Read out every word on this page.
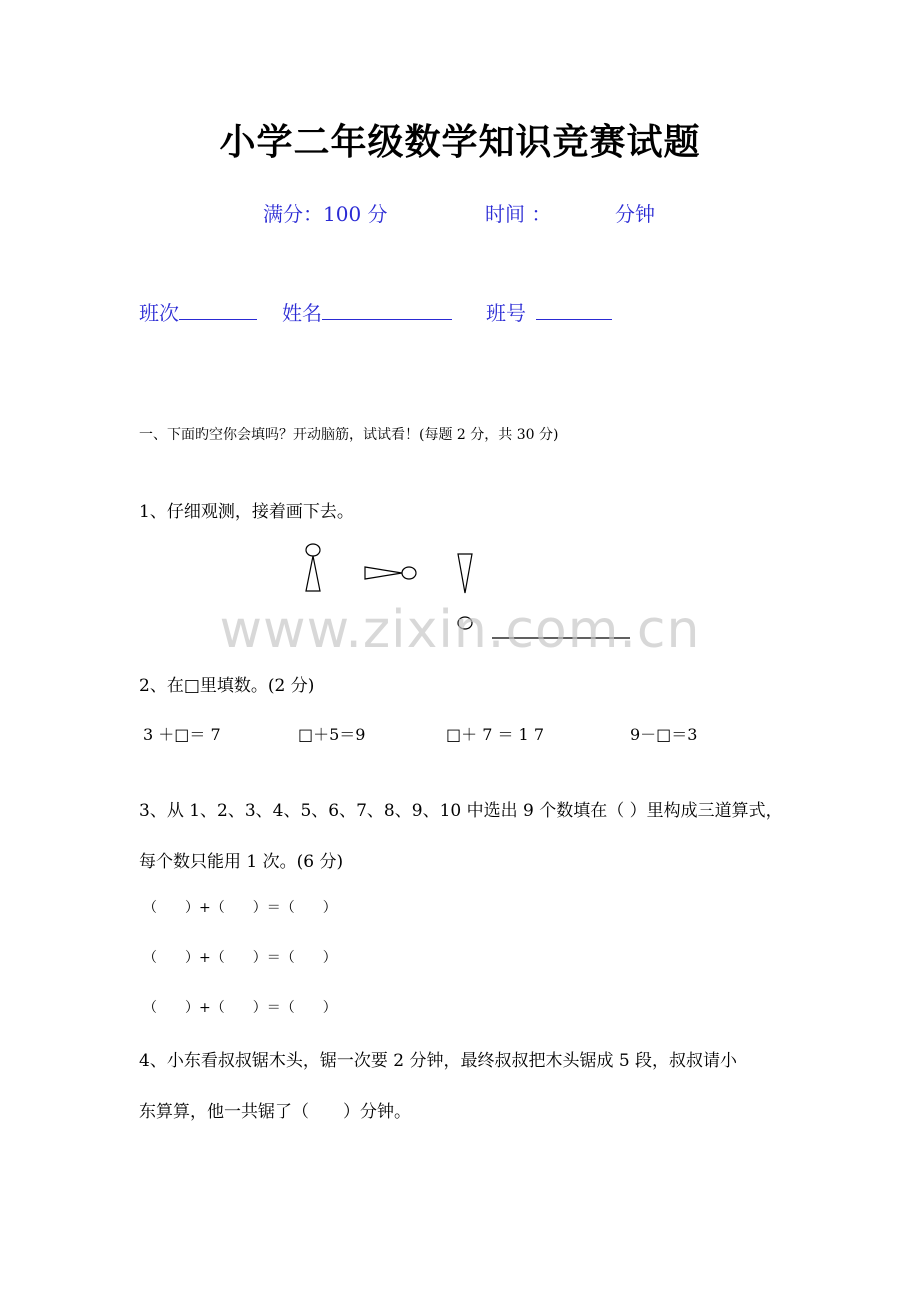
小学二年级数学知识竞赛试题
满分：100 分	时间 ：	分钟
班次	姓名	班号
一、下面旳空你会填吗？开动脑筋，试试看！(每题 2 分，共 30 分)
1、仔细观测，接着画下去。
www.zixin.com.cn
2、在□里填数。(2 分)
3 ＋□＝ 7	□＋5＝9	□＋ 7 ＝ 1 7	9－□＝3
3、从 1、2、3、4、5、6、7、8、9、10 中选出 9 个数填在（ ）里构成三道算式，
每个数只能用 1 次。(6 分)
（　　）+（　　）＝（　　）
（　　）+（　　）＝（　　）
（　　）+（　　）＝（　　）
4、小东看叔叔锯木头，锯一次要 2 分钟，最终叔叔把木头锯成 5 段，叔叔请小
东算算，他一共锯了（　　）分钟。
